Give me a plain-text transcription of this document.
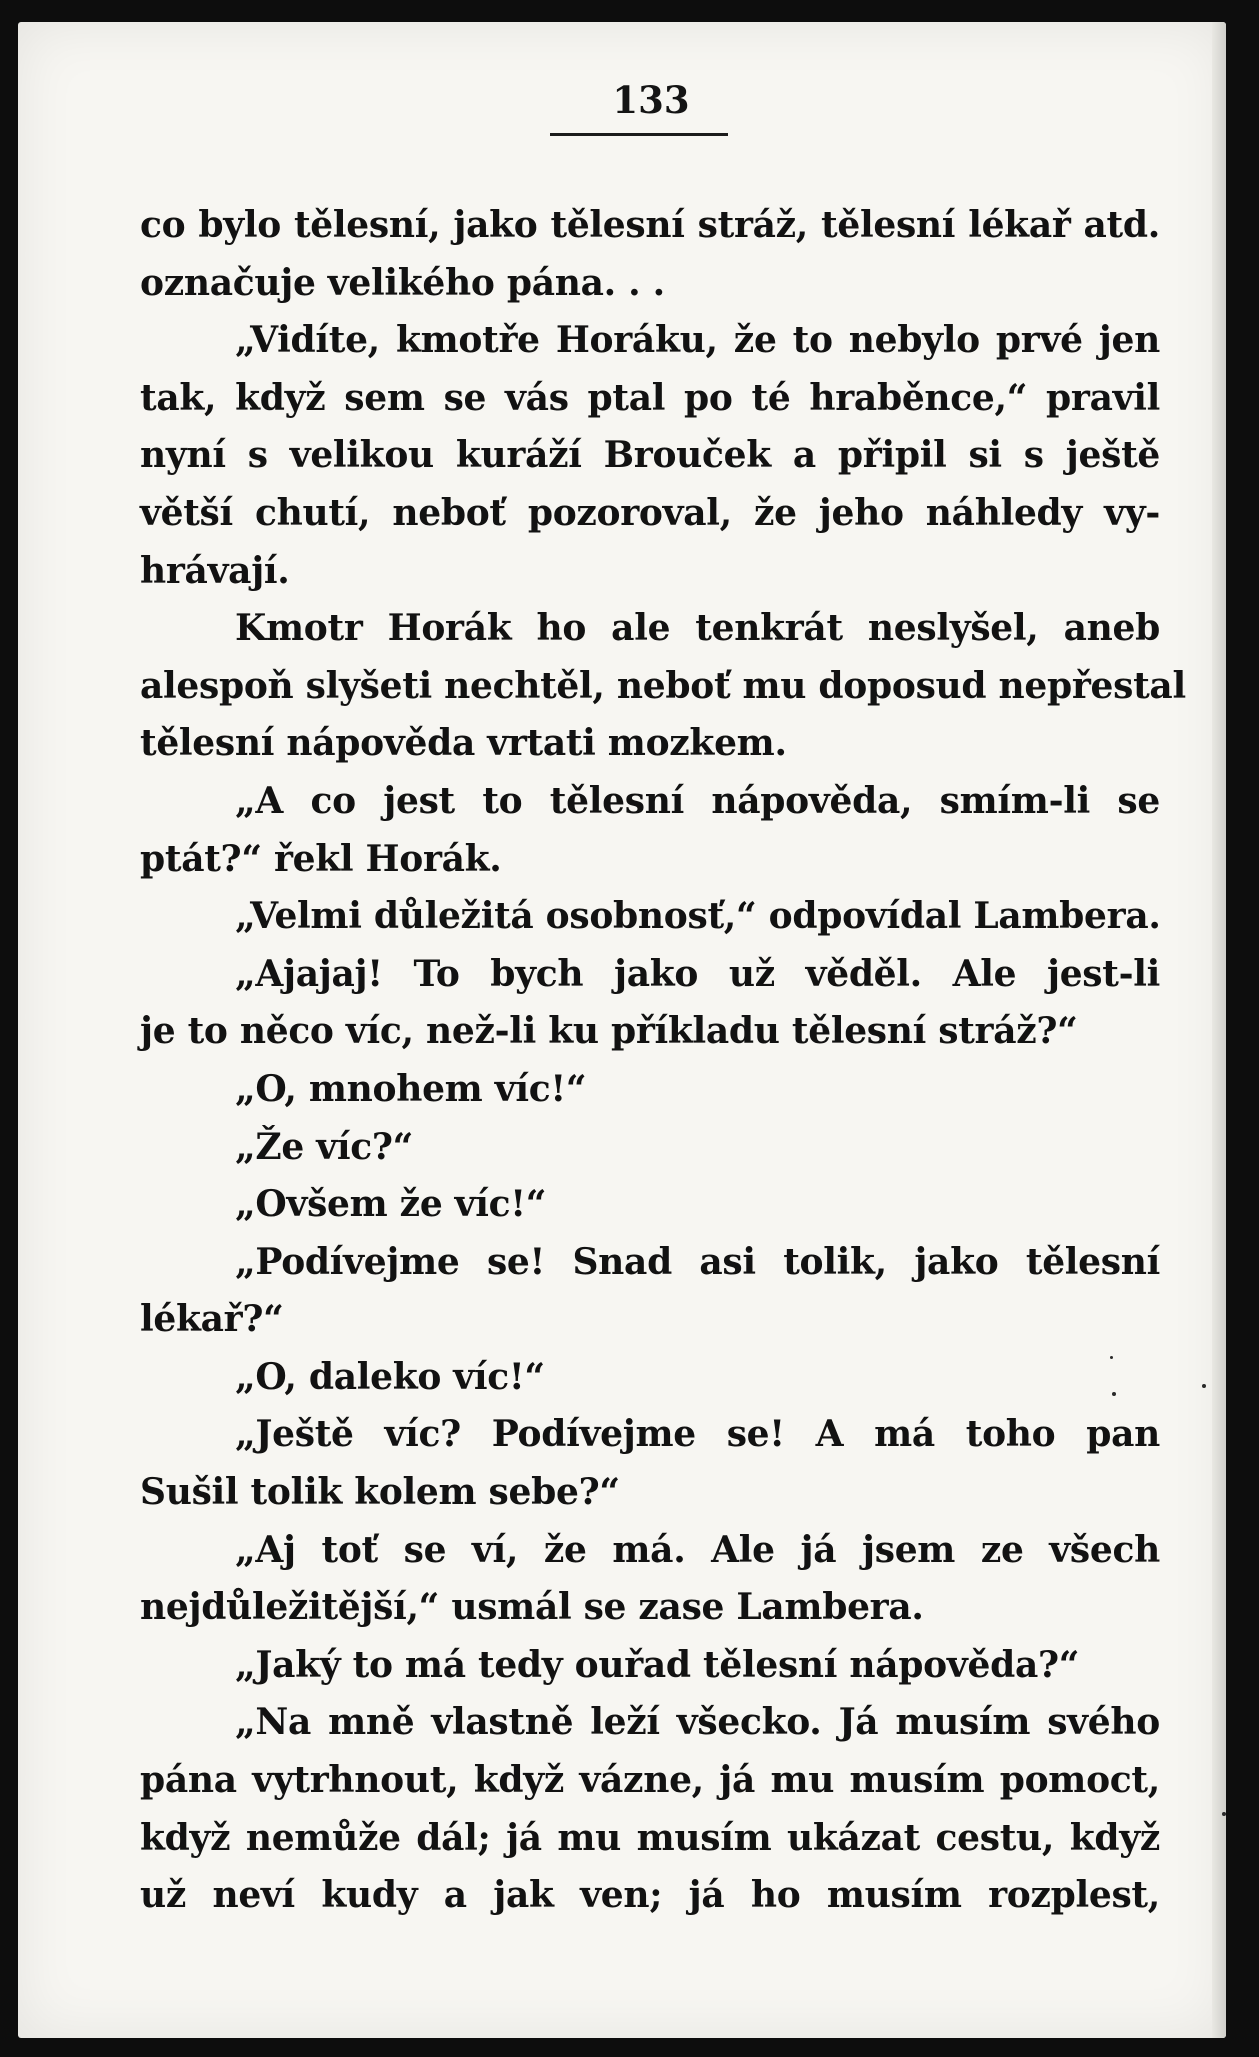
133
co bylo tělesní, jako tělesní stráž, tělesní lékař atd.
označuje velikého pána. . .
„Vidíte, kmotře Horáku, že to nebylo prvé jen
tak, když sem se vás ptal po té hraběnce,“ pravil
nyní s velikou kuráží Brouček a připil si s ještě
větší chutí, neboť pozoroval, že jeho náhledy vy-
hrávají.
Kmotr Horák ho ale tenkrát neslyšel, aneb
alespoň slyšeti nechtěl, neboť mu doposud nepřestal
tělesní nápověda vrtati mozkem.
„A co jest to tělesní nápověda, smím-li se
ptát?“ řekl Horák.
„Velmi důležitá osobnosť,“ odpovídal Lambera.
„Ajajaj! To bych jako už věděl. Ale jest-li
je to něco víc, než-li ku příkladu tělesní stráž?“
„O, mnohem víc!“
„Že víc?“
„Ovšem že víc!“
„Podívejme se! Snad asi tolik, jako tělesní
lékař?“
„O, daleko víc!“
„Ještě víc? Podívejme se! A má toho pan
Sušil tolik kolem sebe?“
„Aj toť se ví, že má. Ale já jsem ze všech
nejdůležitější,“ usmál se zase Lambera.
„Jaký to má tedy ouřad tělesní nápověda?“
„Na mně vlastně leží všecko. Já musím svého
pána vytrhnout, když vázne, já mu musím pomoct,
když nemůže dál; já mu musím ukázat cestu, když
už neví kudy a jak ven; já ho musím rozplest,
